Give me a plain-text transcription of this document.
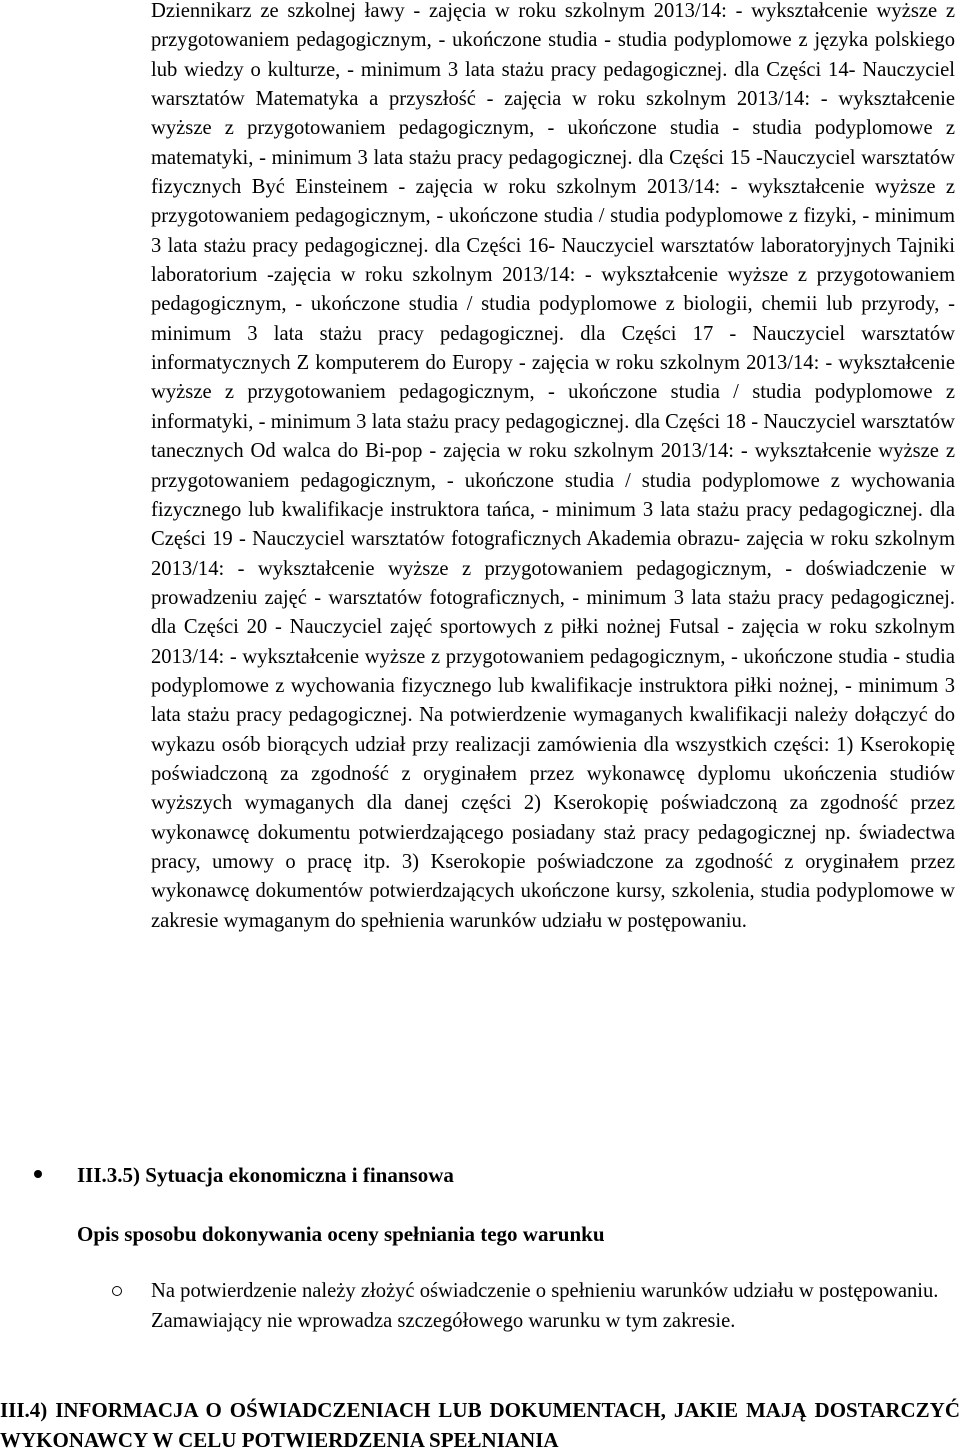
Dziennikarz ze szkolnej ławy - zajęcia w roku szkolnym 2013/14: - wykształcenie wyższe z przygotowaniem pedagogicznym, - ukończone studia - studia podyplomowe z języka polskiego lub wiedzy o kulturze, - minimum 3 lata stażu pracy pedagogicznej. dla Części 14- Nauczyciel warsztatów Matematyka a przyszłość - zajęcia w roku szkolnym 2013/14: - wykształcenie wyższe z przygotowaniem pedagogicznym, - ukończone studia - studia podyplomowe z matematyki, - minimum 3 lata stażu pracy pedagogicznej. dla Części 15 -Nauczyciel warsztatów fizycznych Być Einsteinem - zajęcia w roku szkolnym 2013/14: - wykształcenie wyższe z przygotowaniem pedagogicznym, - ukończone studia / studia podyplomowe z fizyki, - minimum 3 lata stażu pracy pedagogicznej. dla Części 16- Nauczyciel warsztatów laboratoryjnych Tajniki laboratorium -zajęcia w roku szkolnym 2013/14: - wykształcenie wyższe z przygotowaniem pedagogicznym, - ukończone studia / studia podyplomowe z biologii, chemii lub przyrody, - minimum 3 lata stażu pracy pedagogicznej. dla Części 17 - Nauczyciel warsztatów informatycznych Z komputerem do Europy - zajęcia w roku szkolnym 2013/14: - wykształcenie wyższe z przygotowaniem pedagogicznym, - ukończone studia / studia podyplomowe z informatyki, - minimum 3 lata stażu pracy pedagogicznej. dla Części 18 - Nauczyciel warsztatów tanecznych Od walca do Bi-pop - zajęcia w roku szkolnym 2013/14: - wykształcenie wyższe z przygotowaniem pedagogicznym, - ukończone studia / studia podyplomowe z wychowania fizycznego lub kwalifikacje instruktora tańca, - minimum 3 lata stażu pracy pedagogicznej. dla Części 19 - Nauczyciel warsztatów fotograficznych Akademia obrazu- zajęcia w roku szkolnym 2013/14: - wykształcenie wyższe z przygotowaniem pedagogicznym, - doświadczenie w prowadzeniu zajęć - warsztatów fotograficznych, - minimum 3 lata stażu pracy pedagogicznej. dla Części 20 - Nauczyciel zajęć sportowych z piłki nożnej Futsal - zajęcia w roku szkolnym 2013/14: - wykształcenie wyższe z przygotowaniem pedagogicznym, - ukończone studia - studia podyplomowe z wychowania fizycznego lub kwalifikacje instruktora piłki nożnej, - minimum 3 lata stażu pracy pedagogicznej. Na potwierdzenie wymaganych kwalifikacji należy dołączyć do wykazu osób biorących udział przy realizacji zamówienia dla wszystkich części: 1) Kserokopię poświadczoną za zgodność z oryginałem przez wykonawcę dyplomu ukończenia studiów wyższych wymaganych dla danej części 2) Kserokopię poświadczoną za zgodność przez wykonawcę dokumentu potwierdzającego posiadany staż pracy pedagogicznej np. świadectwa pracy, umowy o pracę itp. 3) Kserokopie poświadczone za zgodność z oryginałem przez wykonawcę dokumentów potwierdzających ukończone kursy, szkolenia, studia podyplomowe w zakresie wymaganym do spełnienia warunków udziału w postępowaniu.

III.3.5) Sytuacja ekonomiczna i finansowa
Opis sposobu dokonywania oceny spełniania tego warunku

Na potwierdzenie należy złożyć oświadczenie o spełnieniu warunków udziału w postępowaniu. Zamawiający nie wprowadza szczegółowego warunku w tym zakresie.

III.4) INFORMACJA O OŚWIADCZENIACH LUB DOKUMENTACH, JAKIE MAJĄ DOSTARCZYĆ WYKONAWCY W CELU POTWIERDZENIA SPEŁNIANIA
